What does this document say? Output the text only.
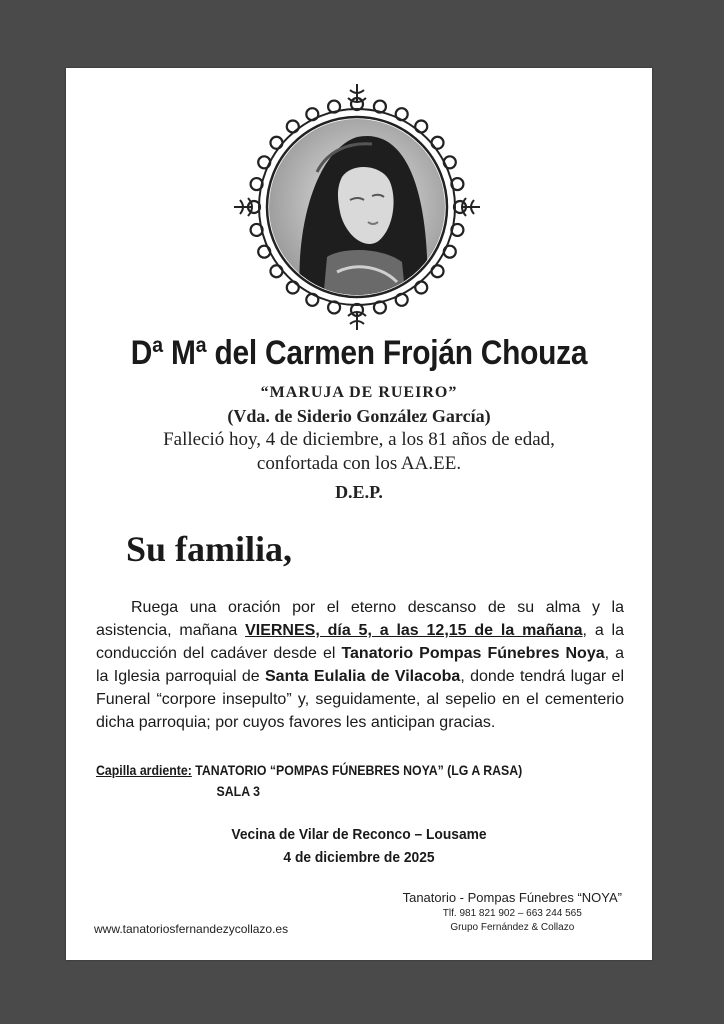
Dª Mª del Carmen Froján Chouza
“MARUJA DE RUEIRO”
(Vda. de Siderio González García)
Falleció hoy, 4 de diciembre, a los 81 años de edad,
confortada con los AA.EE.
D.E.P.
Su familia,
Ruega una oración por el eterno descanso de su alma y la asistencia, mañana VIERNES, día 5, a las 12,15 de la mañana, a la conducción del cadáver desde el Tanatorio Pompas Fúnebres Noya, a la Iglesia parroquial de Santa Eulalia de Vilacoba, donde tendrá lugar el Funeral “corpore insepulto” y, seguidamente, al sepelio en el cementerio dicha parroquia; por cuyos favores les anticipan gracias.
Capilla ardiente: TANATORIO “POMPAS FÚNEBRES NOYA” (LG A RASA)
SALA 3
Vecina de Vilar de Reconco – Lousame
4 de diciembre de 2025
Tanatorio - Pompas Fúnebres “NOYA”
Tlf. 981 821 902 – 663 244 565
Grupo Fernández & Collazo
www.tanatoriosfernandezycollazo.es
